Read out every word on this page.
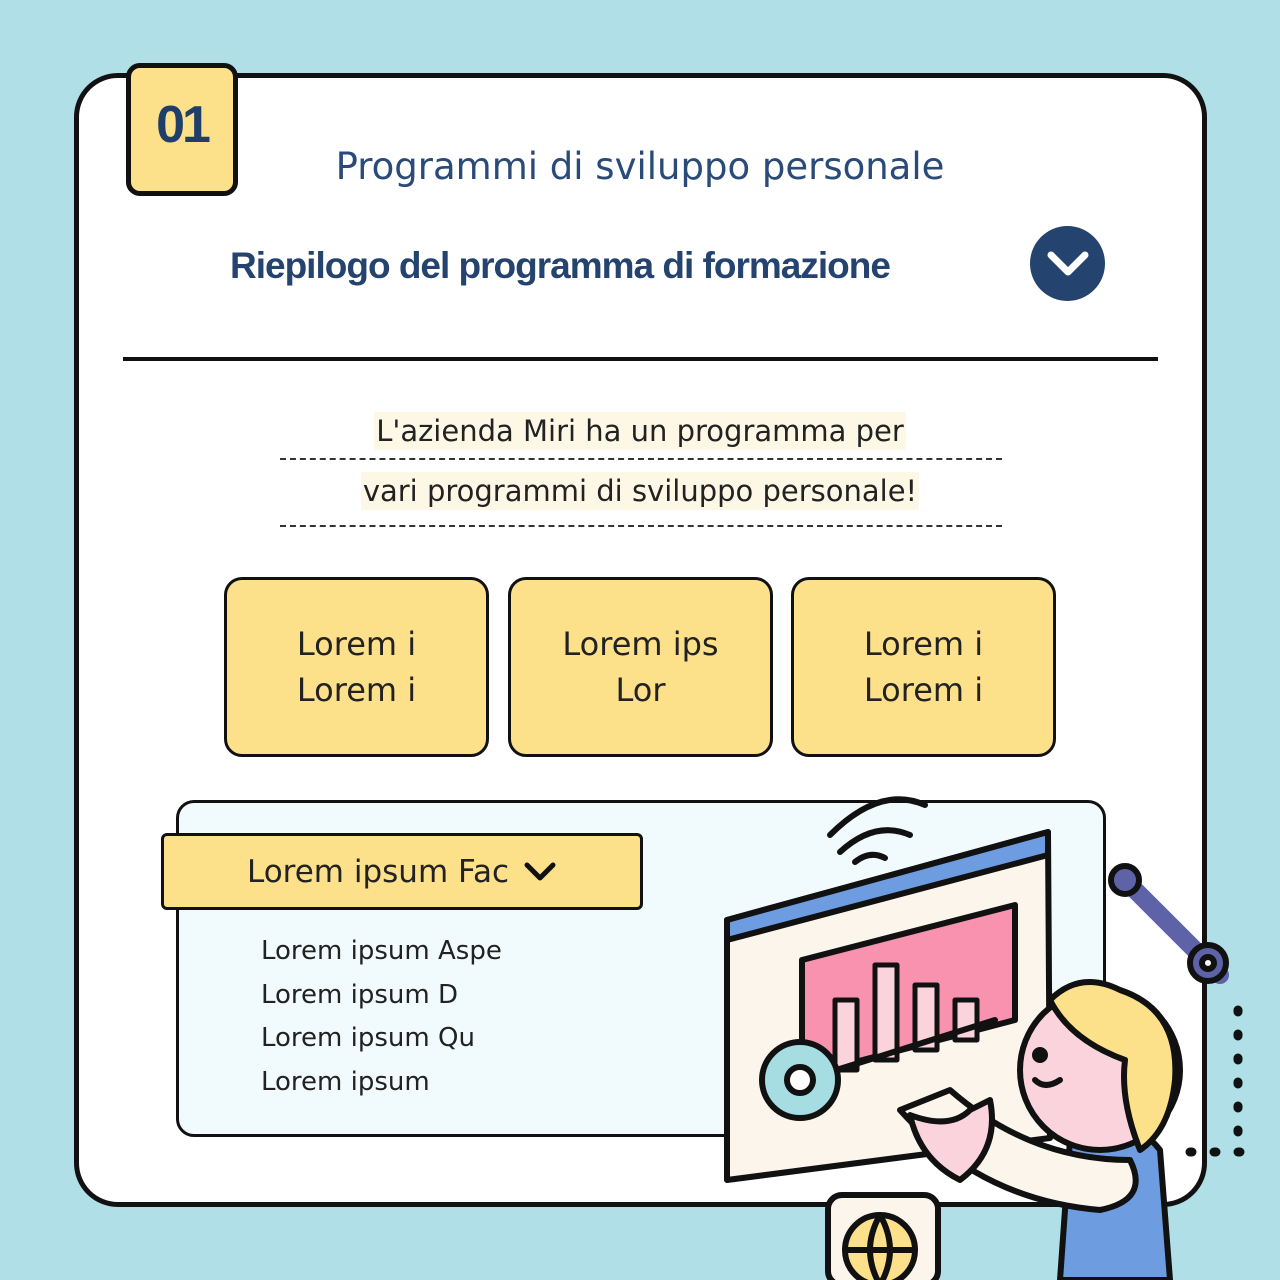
01
Programmi di sviluppo personale
Riepilogo del programma di formazione
L'azienda Miri ha un programma per
vari programmi di sviluppo personale!
Lorem i
Lorem i
Lorem ips
Lor
Lorem i
Lorem i
Lorem ipsum Fac
Lorem ipsum Aspe
Lorem ipsum D
Lorem ipsum Qu
Lorem ipsum
